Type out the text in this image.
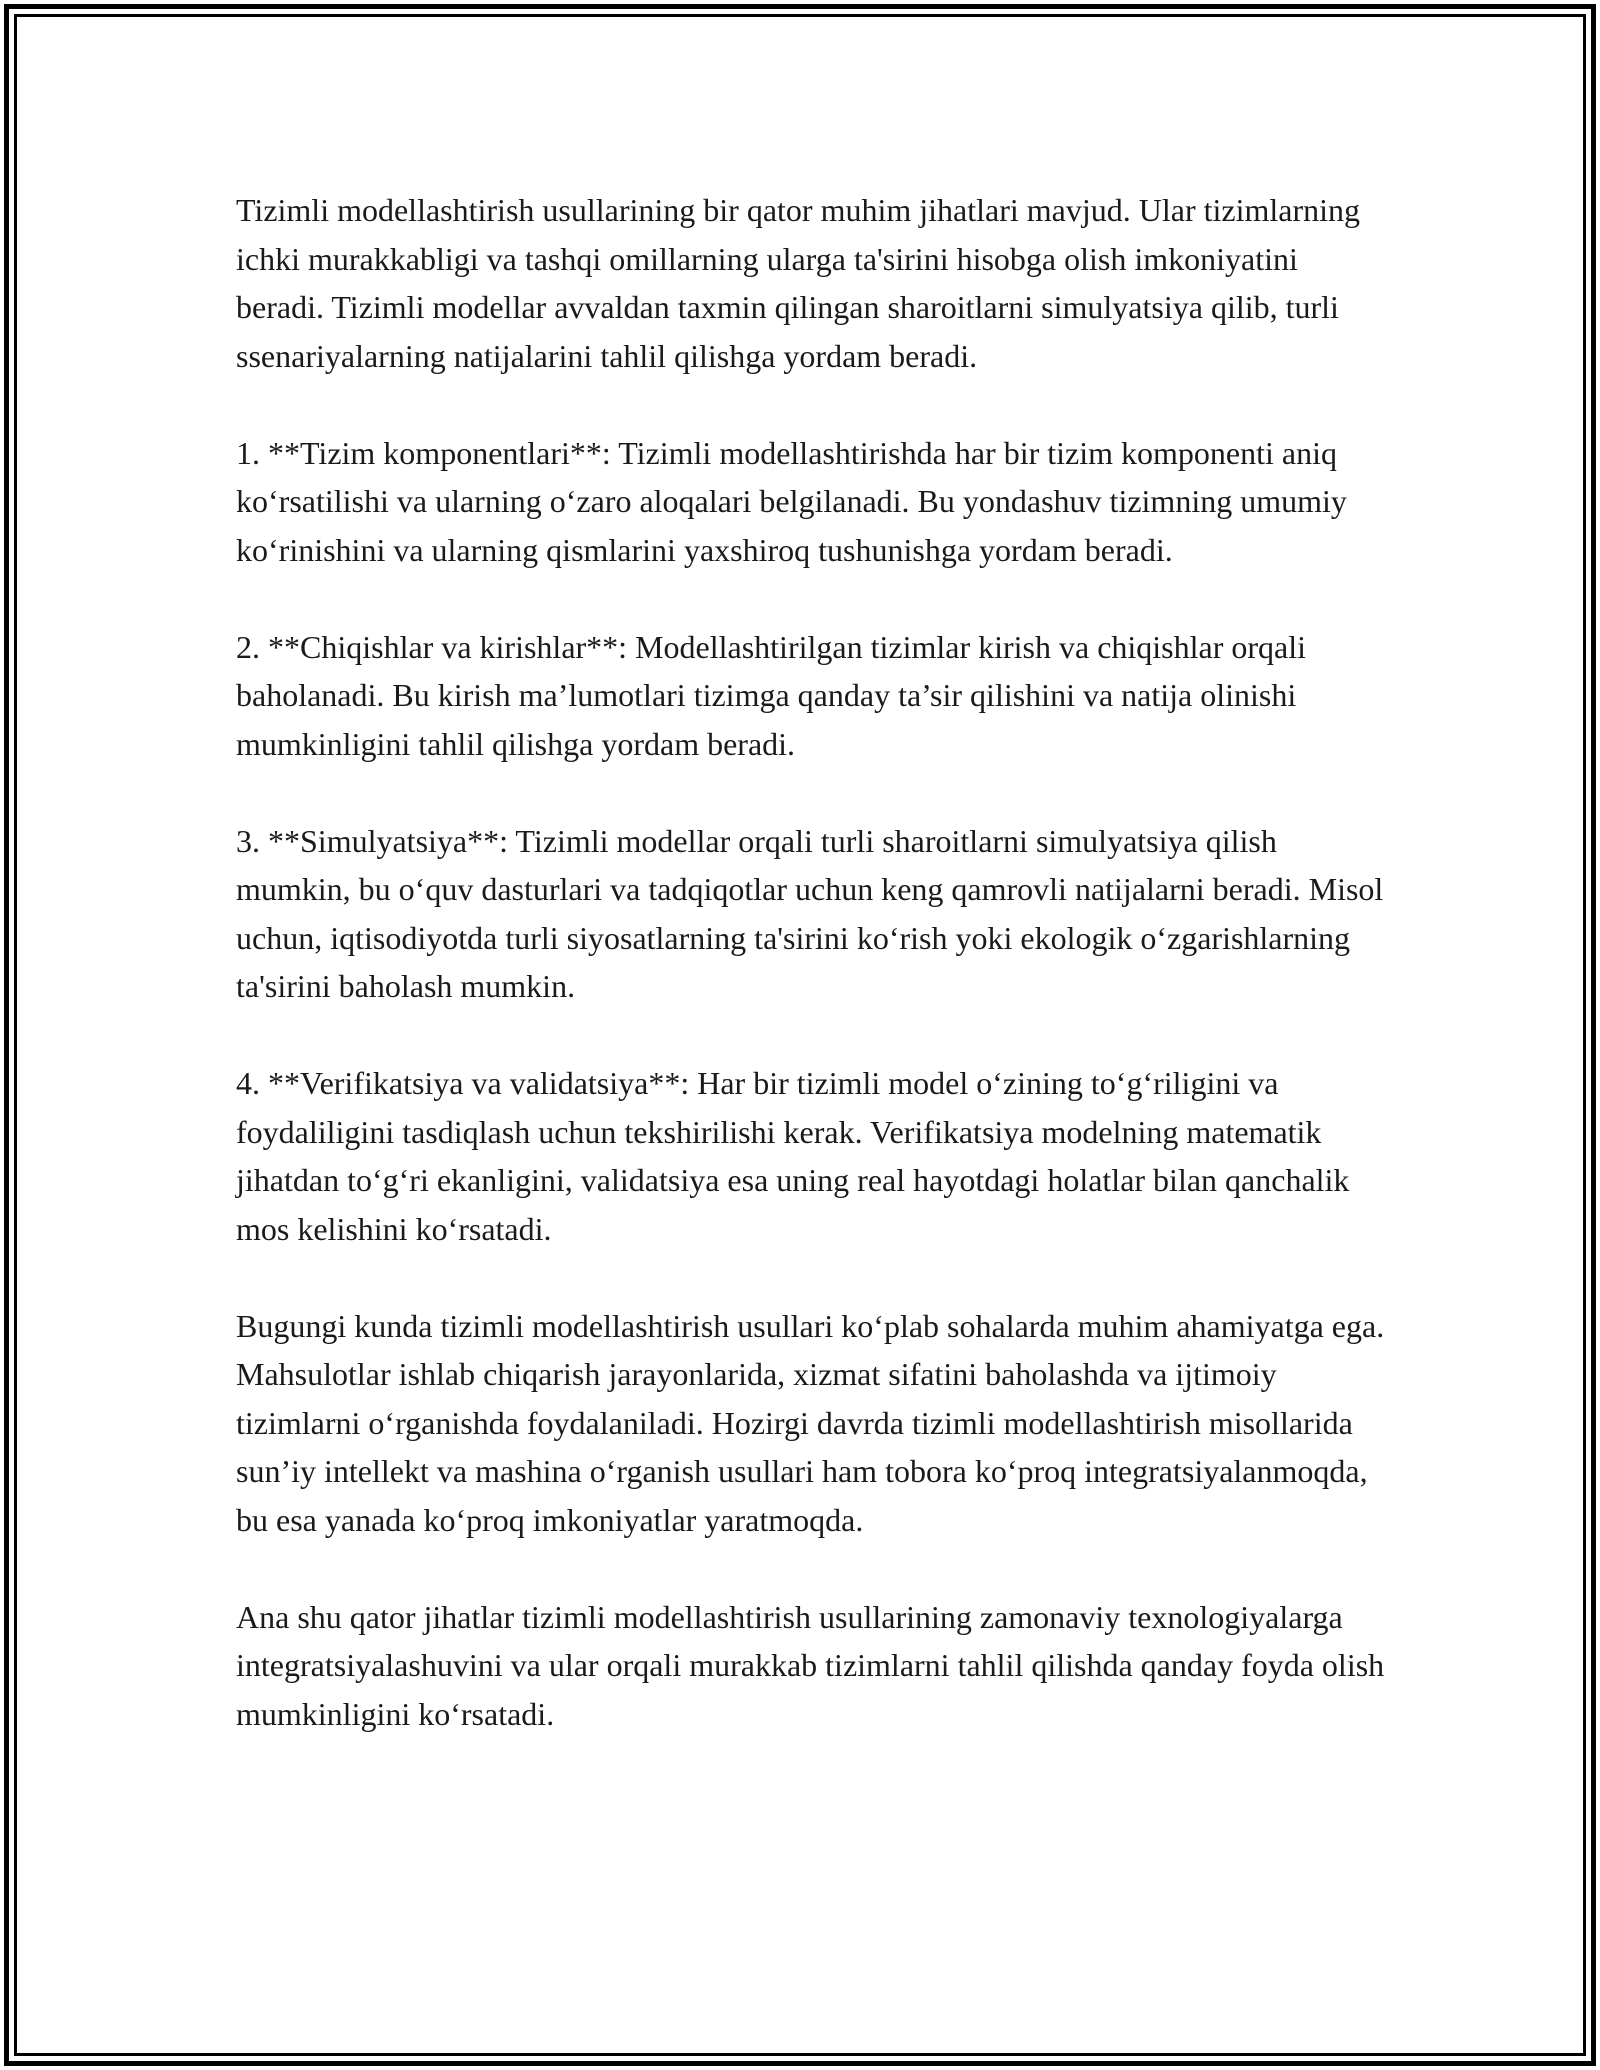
Tizimli modellashtirish usullarining bir qator muhim jihatlari mavjud. Ular tizimlarning ichki murakkabligi va tashqi omillarning ularga ta'sirini hisobga olish imkoniyatini beradi. Tizimli modellar avvaldan taxmin qilingan sharoitlarni simulyatsiya qilib, turli ssenariyalarning natijalarini tahlil qilishga yordam beradi.

1. **Tizim komponentlari**: Tizimli modellashtirishda har bir tizim komponenti aniq koʻrsatilishi va ularning oʻzaro aloqalari belgilanadi. Bu yondashuv tizimning umumiy koʻrinishini va ularning qismlarini yaxshiroq tushunishga yordam beradi.

2. **Chiqishlar va kirishlar**: Modellashtirilgan tizimlar kirish va chiqishlar orqali baholanadi. Bu kirish ma’lumotlari tizimga qanday ta’sir qilishini va natija olinishi mumkinligini tahlil qilishga yordam beradi.

3. **Simulyatsiya**: Tizimli modellar orqali turli sharoitlarni simulyatsiya qilish mumkin, bu oʻquv dasturlari va tadqiqotlar uchun keng qamrovli natijalarni beradi. Misol uchun, iqtisodiyotda turli siyosatlarning ta'sirini koʻrish yoki ekologik oʻzgarishlarning ta'sirini baholash mumkin.

4. **Verifikatsiya va validatsiya**: Har bir tizimli model oʻzining toʻgʻriligini va foydaliligini tasdiqlash uchun tekshirilishi kerak. Verifikatsiya modelning matematik jihatdan toʻgʻri ekanligini, validatsiya esa uning real hayotdagi holatlar bilan qanchalik mos kelishini koʻrsatadi.

Bugungi kunda tizimli modellashtirish usullari koʻplab sohalarda muhim ahamiyatga ega. Mahsulotlar ishlab chiqarish jarayonlarida, xizmat sifatini baholashda va ijtimoiy tizimlarni oʻrganishda foydalaniladi. Hozirgi davrda tizimli modellashtirish misollarida sun’iy intellekt va mashina oʻrganish usullari ham tobora koʻproq integratsiyalanmoqda, bu esa yanada koʻproq imkoniyatlar yaratmoqda.

Ana shu qator jihatlar tizimli modellashtirish usullarining zamonaviy texnologiyalarga integratsiyalashuvini va ular orqali murakkab tizimlarni tahlil qilishda qanday foyda olish mumkinligini koʻrsatadi.
